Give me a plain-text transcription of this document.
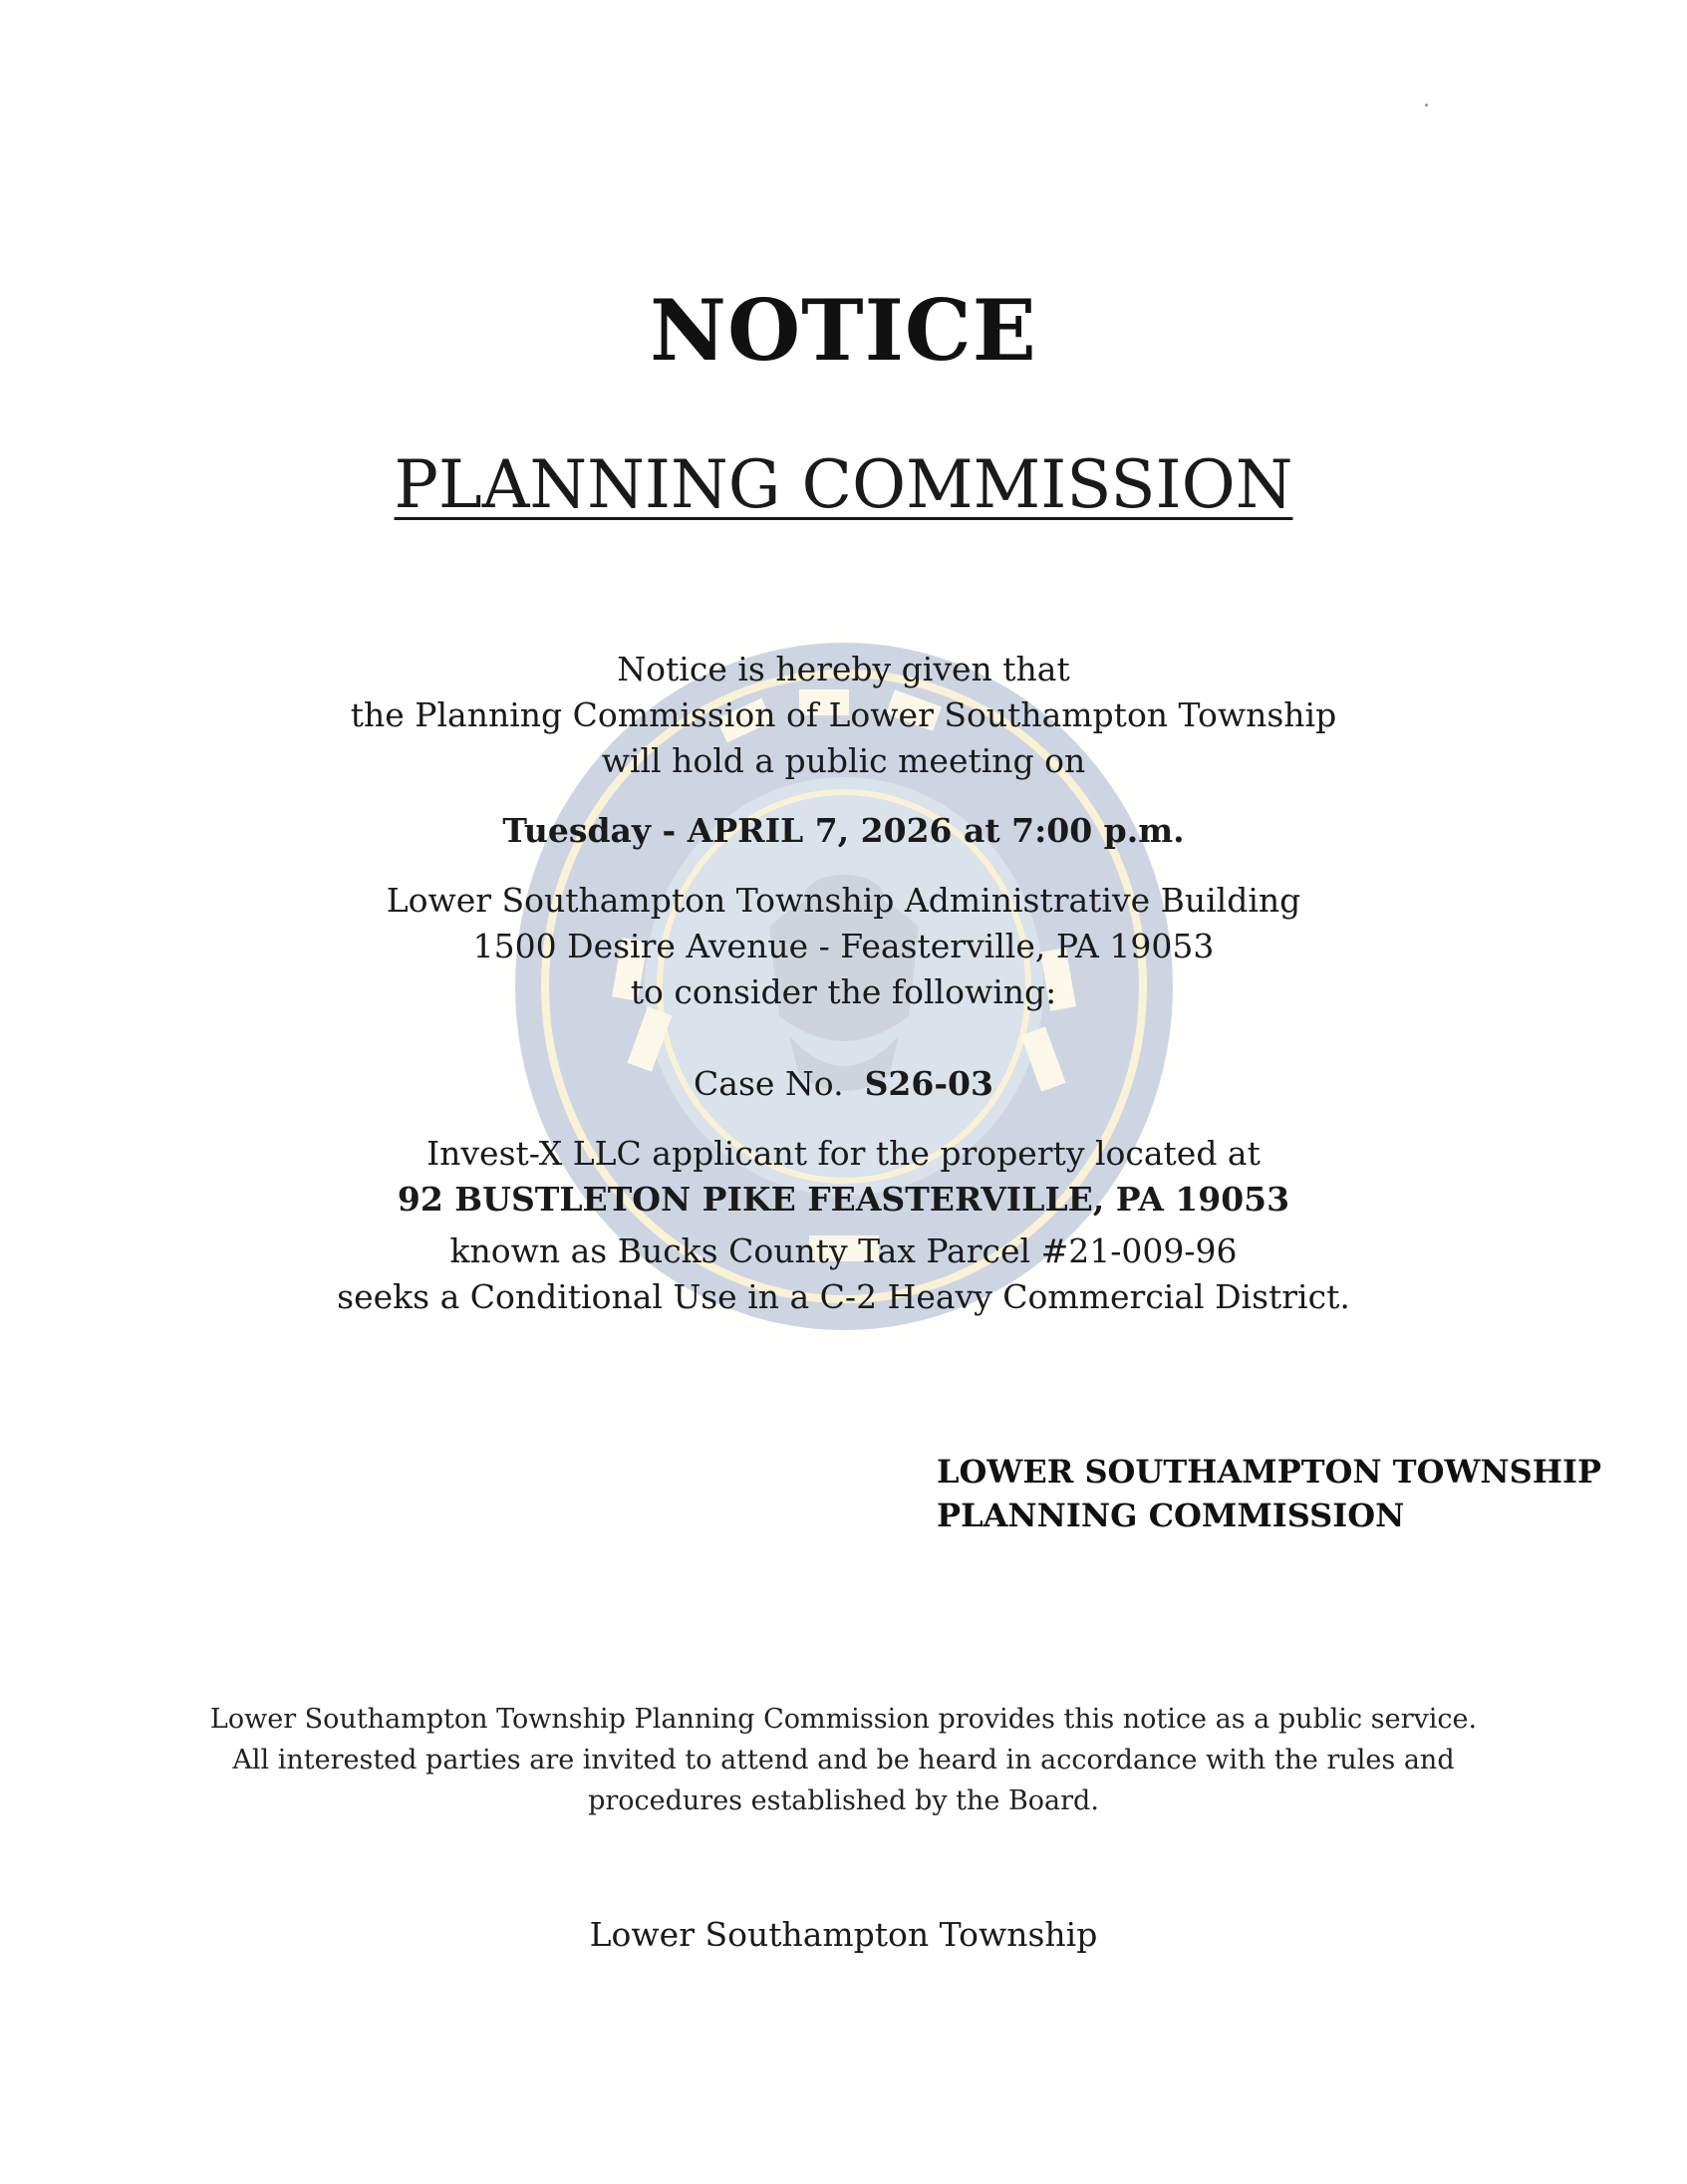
NOTICE
PLANNING COMMISSION
Notice is hereby given that
the Planning Commission of Lower Southampton Township
will hold a public meeting on
Tuesday - APRIL 7, 2026 at 7:00 p.m.
Lower Southampton Township Administrative Building
1500 Desire Avenue - Feasterville, PA 19053
to consider the following:
Case No. S26-03
Invest-X LLC applicant for the property located at
92 BUSTLETON PIKE FEASTERVILLE, PA 19053
known as Bucks County Tax Parcel #21-009-96
seeks a Conditional Use in a C-2 Heavy Commercial District.
LOWER SOUTHAMPTON TOWNSHIP
PLANNING COMMISSION
Lower Southampton Township Planning Commission provides this notice as a public service.
All interested parties are invited to attend and be heard in accordance with the rules and
procedures established by the Board.
Lower Southampton Township
